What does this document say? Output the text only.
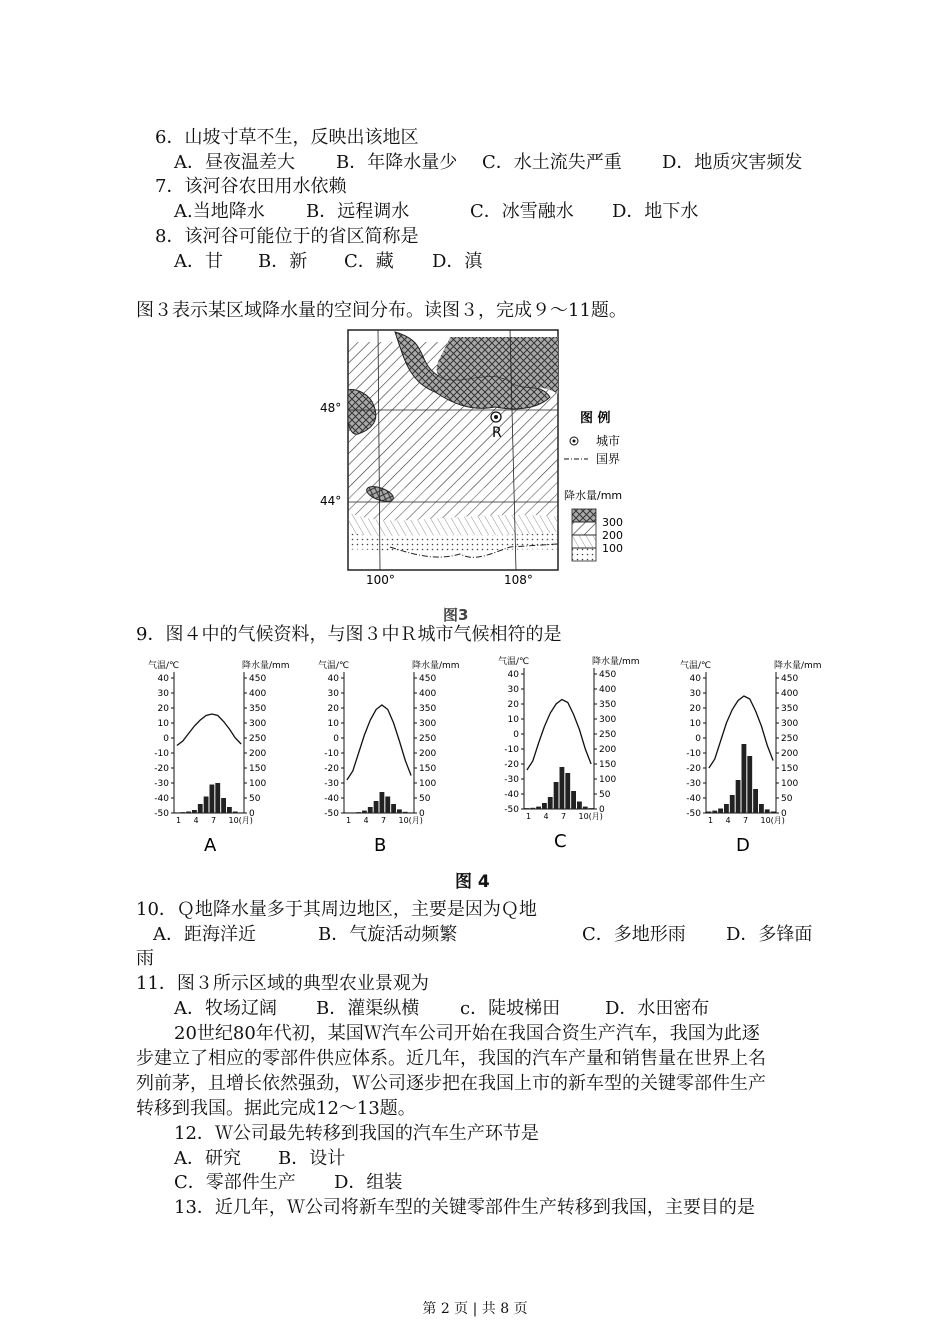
6．山坡寸草不生，反映出该地区
A．昼夜温差大 B．年降水量少 C．水土流失严重 D．地质灾害频发
7．该河谷农田用水依赖
A.当地降水 B．远程调水	C．冰雪融水 D．地下水
8．该河谷可能位于的省区简称是
A．甘 B．新 C．藏 D．滇
图３表示某区域降水量的空间分布。读图３，完成９～11题。
R
48°
44°
100°	108°
图 例
城市
国界
降水量/mm
300
200
100
图3
9．图４中的气候资料，与图３中Ｒ城市气候相符的是
气温/℃	降水量/mm
40
30
20
10
0
-10
-20
-30
-40
-50
450
400
350
300
250
200
150
100
50
0
1 4 7 10(月)
A
气温/℃	降水量/mm
40
30
20
10
0
-10
-20
-30
-40
-50
450
400
350
300
250
200
150
100
50
0
1 4 7 10(月)
B
气温/℃	降水量/mm
40
30
20
10
0
-10
-20
-30
-40
-50
450
400
350
300
250
200
150
100
50
0
1 4 7 10(月)
C
气温/℃	降水量/mm
40
30
20
10
0
-10
-20
-30
-40
-50
450
400
350
300
250
200
150
100
50
0
1 4 7 10(月)
D
图 4
10．Ｑ地降水量多于其周边地区，主要是因为Ｑ地
A．距海洋近	B．气旋活动频繁	C．多地形雨 D．多锋面
雨
11．图３所示区域的典型农业景观为
A．牧场辽阔 B．灌渠纵横 c．陡坡梯田 D．水田密布
20世纪80年代初，某国Ｗ汽车公司开始在我国合资生产汽车，我国为此逐
步建立了相应的零部件供应体系。近几年，我国的汽车产量和销售量在世界上名
列前茅，且增长依然强劲，Ｗ公司逐步把在我国上市的新车型的关键零部件生产
转移到我国。据此完成12～13题。
12．Ｗ公司最先转移到我国的汽车生产环节是
A．研究 B．设计
C．零部件生产 D．组装
13．近几年，Ｗ公司将新车型的关键零部件生产转移到我国，主要目的是
第 2 页 | 共 8 页
